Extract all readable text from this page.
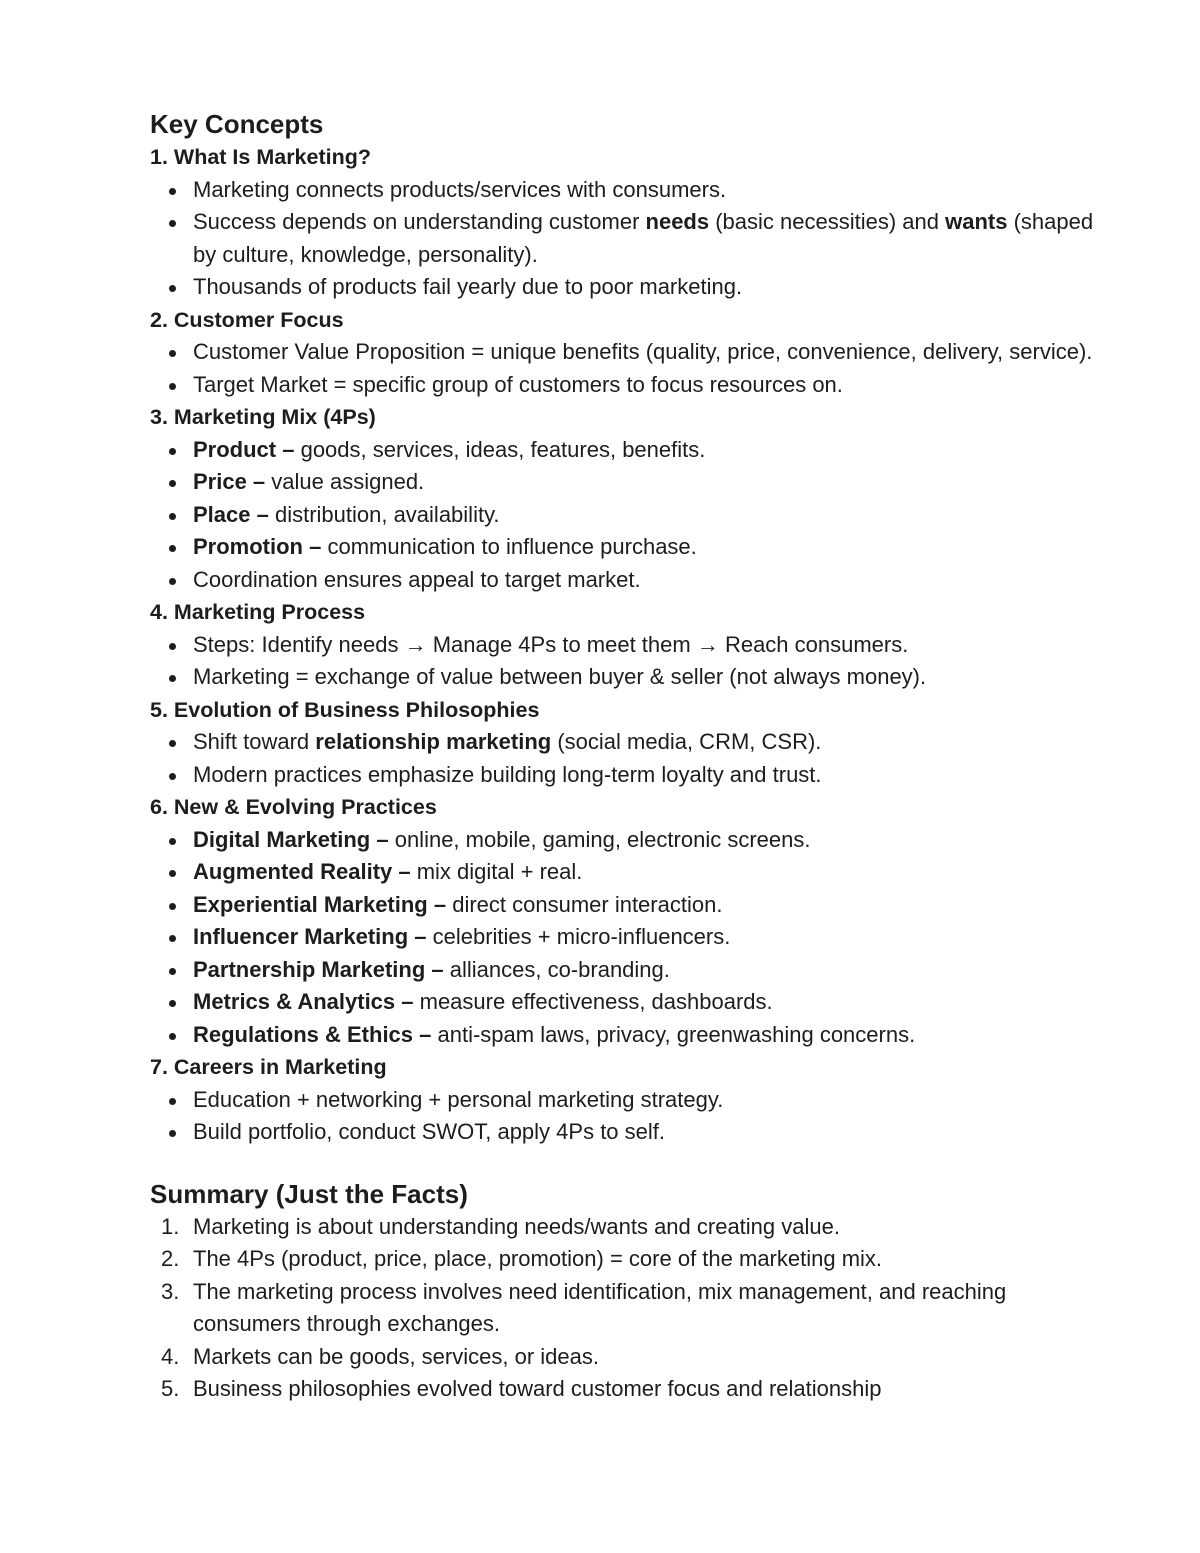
Key Concepts
1. What Is Marketing?
Marketing connects products/services with consumers.
Success depends on understanding customer needs (basic necessities) and wants (shaped by culture, knowledge, personality).
Thousands of products fail yearly due to poor marketing.
2. Customer Focus
Customer Value Proposition = unique benefits (quality, price, convenience, delivery, service).
Target Market = specific group of customers to focus resources on.
3. Marketing Mix (4Ps)
Product – goods, services, ideas, features, benefits.
Price – value assigned.
Place – distribution, availability.
Promotion – communication to influence purchase.
Coordination ensures appeal to target market.
4. Marketing Process
Steps: Identify needs → Manage 4Ps to meet them → Reach consumers.
Marketing = exchange of value between buyer & seller (not always money).
5. Evolution of Business Philosophies
Shift toward relationship marketing (social media, CRM, CSR).
Modern practices emphasize building long-term loyalty and trust.
6. New & Evolving Practices
Digital Marketing – online, mobile, gaming, electronic screens.
Augmented Reality – mix digital + real.
Experiential Marketing – direct consumer interaction.
Influencer Marketing – celebrities + micro-influencers.
Partnership Marketing – alliances, co-branding.
Metrics & Analytics – measure effectiveness, dashboards.
Regulations & Ethics – anti-spam laws, privacy, greenwashing concerns.
7. Careers in Marketing
Education + networking + personal marketing strategy.
Build portfolio, conduct SWOT, apply 4Ps to self.
Summary (Just the Facts)
1. Marketing is about understanding needs/wants and creating value.
2. The 4Ps (product, price, place, promotion) = core of the marketing mix.
3. The marketing process involves need identification, mix management, and reaching consumers through exchanges.
4. Markets can be goods, services, or ideas.
5. Business philosophies evolved toward customer focus and relationship
